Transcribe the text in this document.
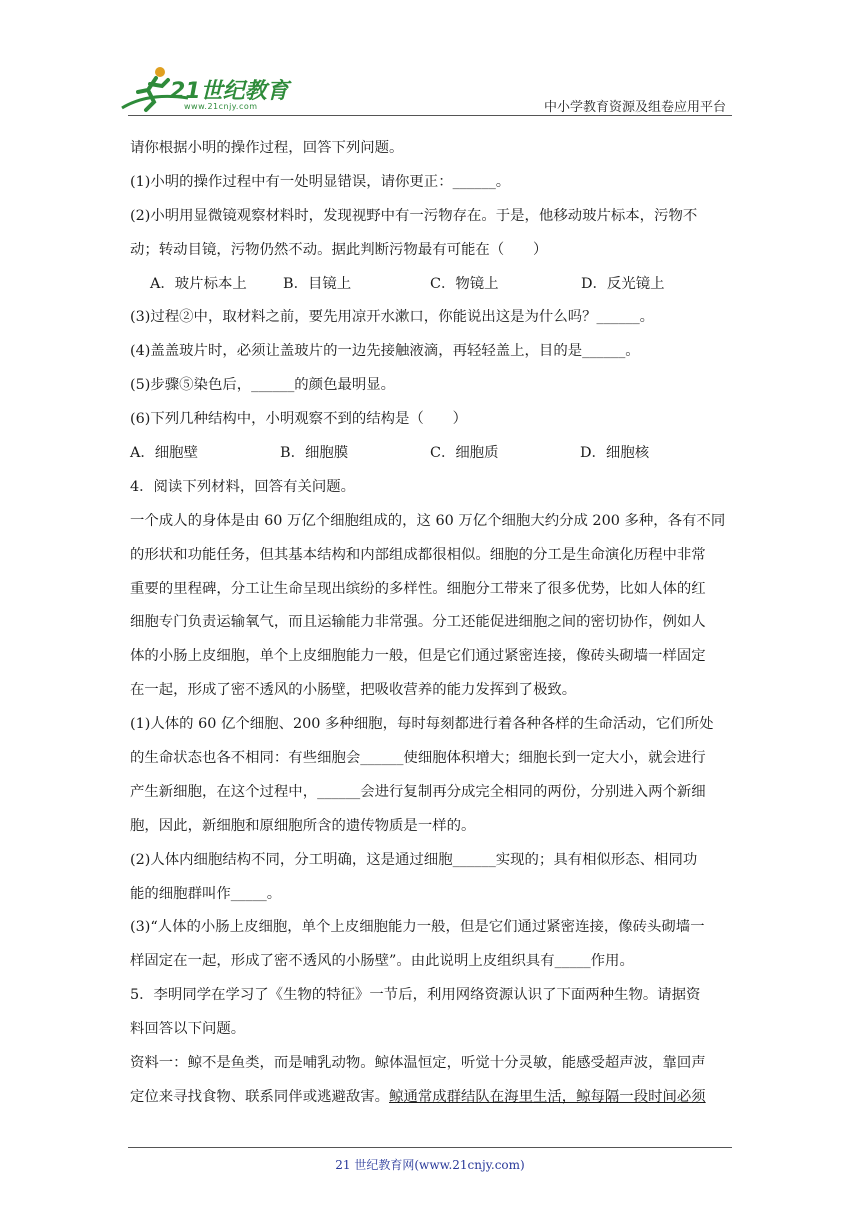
21世纪教育
www.21cnjy.com	中小学教育资源及组卷应用平台
请你根据小明的操作过程，回答下列问题。
(1)小明的操作过程中有一处明显错误，请你更正：______。
(2)小明用显微镜观察材料时，发现视野中有一污物存在。于是，他移动玻片标本，污物不
动；转动目镜，污物仍然不动。据此判断污物最有可能在（　　）
A．玻片标本上	B．目镜上	C．物镜上	D．反光镜上
(3)过程②中，取材料之前，要先用凉开水漱口，你能说出这是为什么吗？______。
(4)盖盖玻片时，必须让盖玻片的一边先接触液滴，再轻轻盖上，目的是______。
(5)步骤⑤染色后，______的颜色最明显。
(6)下列几种结构中，小明观察不到的结构是（　　）
A．细胞壁	B．细胞膜	C．细胞质	D．细胞核
4．阅读下列材料，回答有关问题。
一个成人的身体是由 60 万亿个细胞组成的，这 60 万亿个细胞大约分成 200 多种，各有不同
的形状和功能任务，但其基本结构和内部组成都很相似。细胞的分工是生命演化历程中非常
重要的里程碑，分工让生命呈现出缤纷的多样性。细胞分工带来了很多优势，比如人体的红
细胞专门负责运输氧气，而且运输能力非常强。分工还能促进细胞之间的密切协作，例如人
体的小肠上皮细胞，单个上皮细胞能力一般，但是它们通过紧密连接，像砖头砌墙一样固定
在一起，形成了密不透风的小肠壁，把吸收营养的能力发挥到了极致。
(1)人体的 60 亿个细胞、200 多种细胞，每时每刻都进行着各种各样的生命活动，它们所处
的生命状态也各不相同：有些细胞会______使细胞体积增大；细胞长到一定大小，就会进行
产生新细胞，在这个过程中，______会进行复制再分成完全相同的两份，分别进入两个新细
胞，因此，新细胞和原细胞所含的遗传物质是一样的。
(2)人体内细胞结构不同，分工明确，这是通过细胞______实现的；具有相似形态、相同功
能的细胞群叫作_____。
(3)“人体的小肠上皮细胞，单个上皮细胞能力一般，但是它们通过紧密连接，像砖头砌墙一
样固定在一起，形成了密不透风的小肠壁”。由此说明上皮组织具有_____作用。
5．李明同学在学习了《生物的特征》一节后，利用网络资源认识了下面两种生物。请据资
料回答以下问题。
资料一：鲸不是鱼类，而是哺乳动物。鲸体温恒定，听觉十分灵敏，能感受超声波，靠回声
定位来寻找食物、联系同伴或逃避敌害。鲸通常成群结队在海里生活，鲸每隔一段时间必须
21 世纪教育网(www.21cnjy.com)
